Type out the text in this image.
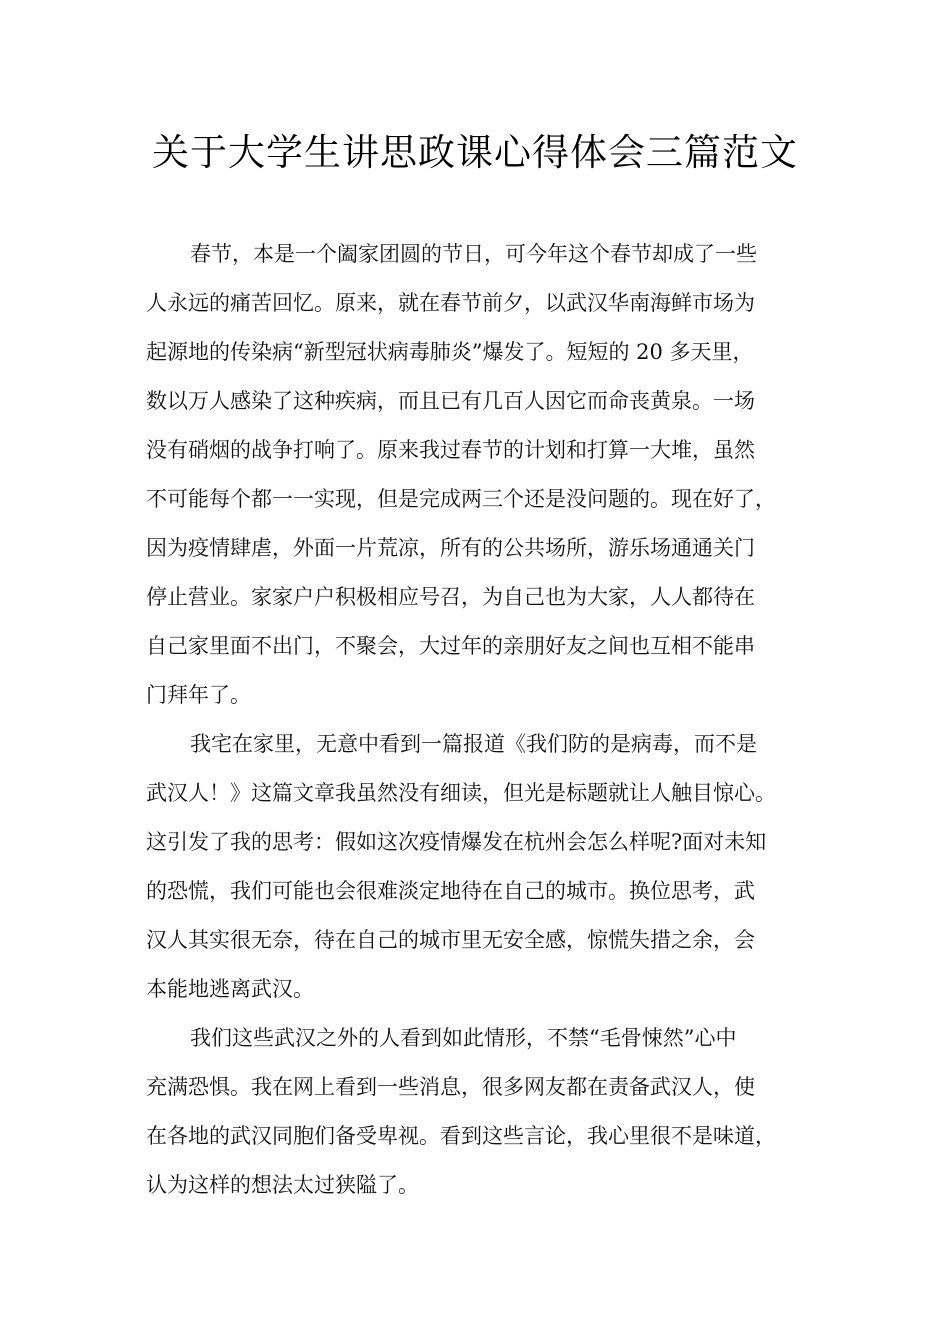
关于大学生讲思政课心得体会三篇范文
春节，本是一个阖家团圆的节日，可今年这个春节却成了一些
人永远的痛苦回忆。原来，就在春节前夕，以武汉华南海鲜市场为
起源地的传染病“新型冠状病毒肺炎”爆发了。短短的 20 多天里，
数以万人感染了这种疾病，而且已有几百人因它而命丧黄泉。一场
没有硝烟的战争打响了。原来我过春节的计划和打算一大堆，虽然
不可能每个都一一实现，但是完成两三个还是没问题的。现在好了，
因为疫情肆虐，外面一片荒凉，所有的公共场所，游乐场通通关门
停止营业。家家户户积极相应号召，为自己也为大家，人人都待在
自己家里面不出门，不聚会，大过年的亲朋好友之间也互相不能串
门拜年了。
我宅在家里，无意中看到一篇报道《我们防的是病毒，而不是
武汉人！》这篇文章我虽然没有细读，但光是标题就让人触目惊心。
这引发了我的思考：假如这次疫情爆发在杭州会怎么样呢?面对未知
的恐慌，我们可能也会很难淡定地待在自己的城市。换位思考，武
汉人其实很无奈，待在自己的城市里无安全感，惊慌失措之余，会
本能地逃离武汉。
我们这些武汉之外的人看到如此情形，不禁“毛骨悚然”心中
充满恐惧。我在网上看到一些消息，很多网友都在责备武汉人，使
在各地的武汉同胞们备受卑视。看到这些言论，我心里很不是味道，
认为这样的想法太过狭隘了。
